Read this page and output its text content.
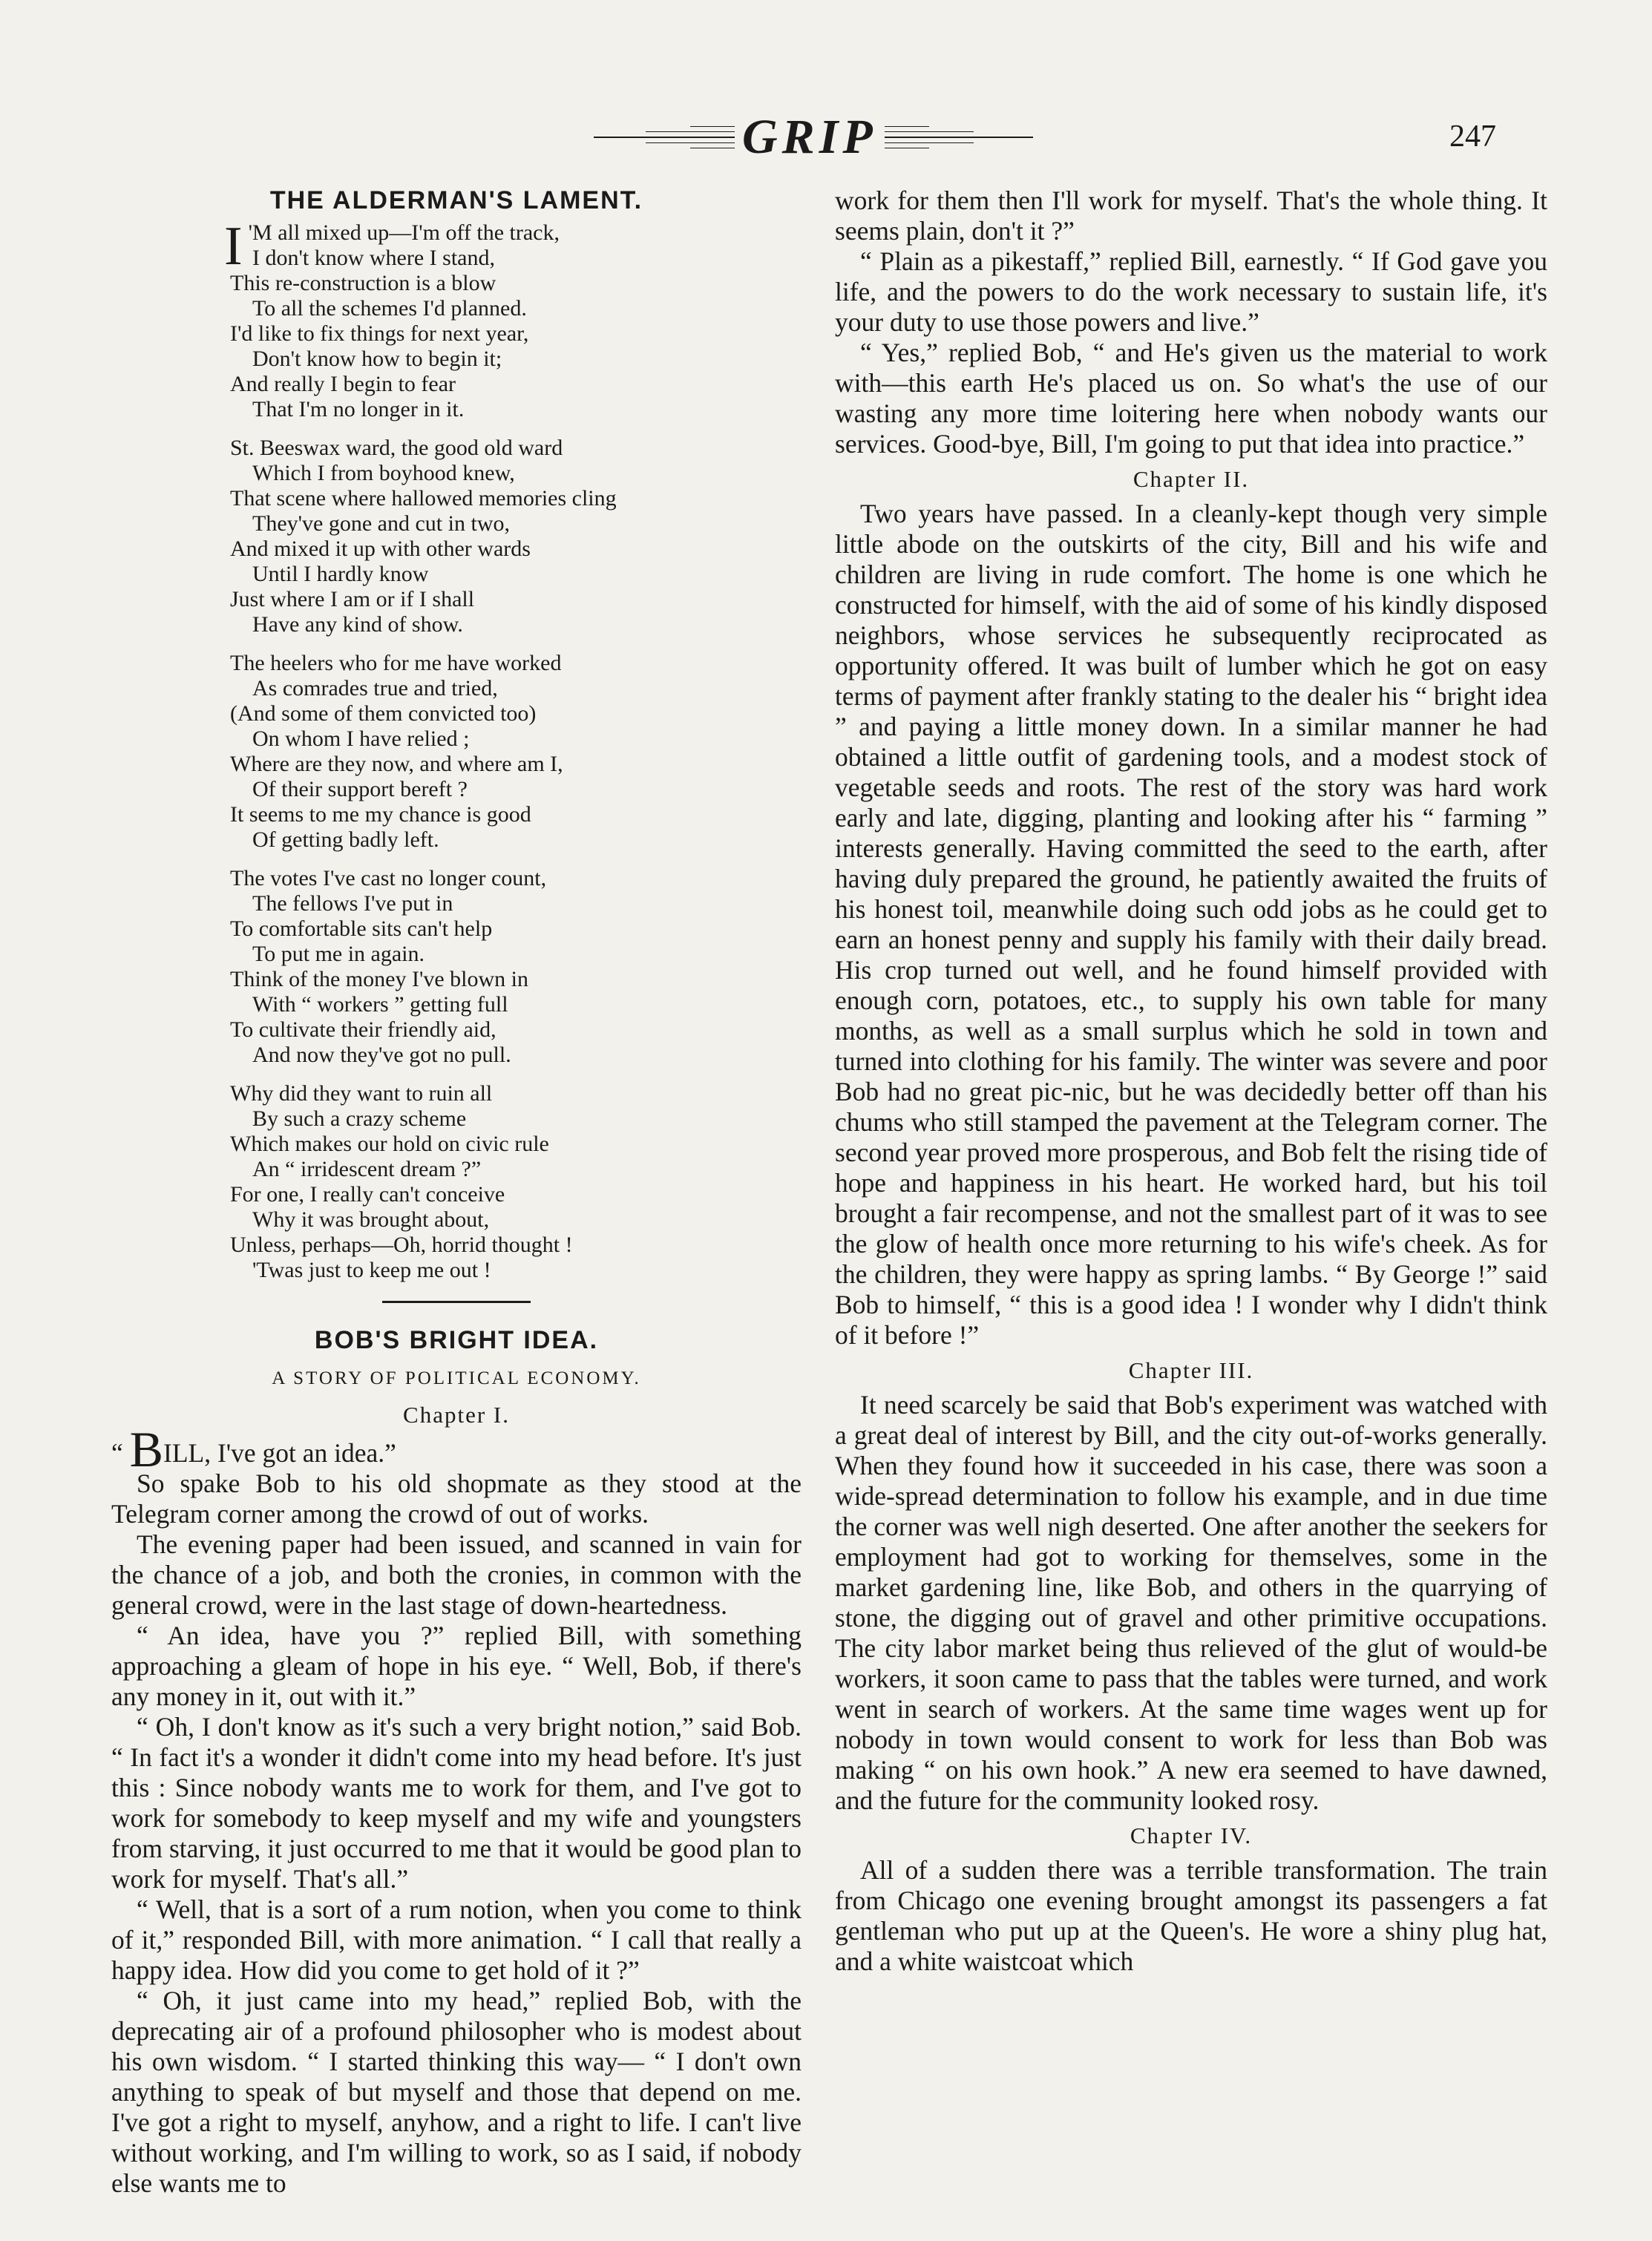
GRIP	247
THE ALDERMAN'S LAMENT.
I 'M all mixed up—I'm off the track,
I don't know where I stand,
This re-construction is a blow
To all the schemes I'd planned.
I'd like to fix things for next year,
Don't know how to begin it;
And really I begin to fear
That I'm no longer in it.
St. Beeswax ward, the good old ward
Which I from boyhood knew,
That scene where hallowed memories cling
They've gone and cut in two,
And mixed it up with other wards
Until I hardly know
Just where I am or if I shall
Have any kind of show.
The heelers who for me have worked
As comrades true and tried,
(And some of them convicted too)
On whom I have relied ;
Where are they now, and where am I,
Of their support bereft ?
It seems to me my chance is good
Of getting badly left.
The votes I've cast no longer count,
The fellows I've put in
To comfortable sits can't help
To put me in again.
Think of the money I've blown in
With “ workers ” getting full
To cultivate their friendly aid,
And now they've got no pull.
Why did they want to ruin all
By such a crazy scheme
Which makes our hold on civic rule
An “ irridescent dream ?”
For one, I really can't conceive
Why it was brought about,
Unless, perhaps—Oh, horrid thought !
'Twas just to keep me out !
BOB'S BRIGHT IDEA.
A STORY OF POLITICAL ECONOMY.
Chapter I.

“ BILL, I've got an idea.”

So spake Bob to his old shopmate as they stood at the Telegram corner among the crowd of out of works.

The evening paper had been issued, and scanned in vain for the chance of a job, and both the cronies, in common with the general crowd, were in the last stage of down-heartedness.

“ An idea, have you ?” replied Bill, with something approaching a gleam of hope in his eye. “ Well, Bob, if there's any money in it, out with it.”

“ Oh, I don't know as it's such a very bright notion,” said Bob. “ In fact it's a wonder it didn't come into my head before. It's just this : Since nobody wants me to work for them, and I've got to work for somebody to keep myself and my wife and youngsters from starving, it just occurred to me that it would be good plan to work for myself. That's all.”

“ Well, that is a sort of a rum notion, when you come to think of it,” responded Bill, with more animation. “ I call that really a happy idea. How did you come to get hold of it ?”

“ Oh, it just came into my head,” replied Bob, with the deprecating air of a profound philosopher who is modest about his own wisdom. “ I started thinking this way— “ I don't own anything to speak of but myself and those that depend on me. I've got a right to myself, anyhow, and a right to life. I can't live without working, and I'm willing to work, so as I said, if nobody else wants me to

work for them then I'll work for myself. That's the whole thing. It seems plain, don't it ?”

“ Plain as a pikestaff,” replied Bill, earnestly. “ If God gave you life, and the powers to do the work necessary to sustain life, it's your duty to use those powers and live.”

“ Yes,” replied Bob, “ and He's given us the material to work with—this earth He's placed us on. So what's the use of our wasting any more time loitering here when nobody wants our services. Good-bye, Bill, I'm going to put that idea into practice.”

Chapter II.

Two years have passed. In a cleanly-kept though very simple little abode on the outskirts of the city, Bill and his wife and children are living in rude comfort. The home is one which he constructed for himself, with the aid of some of his kindly disposed neighbors, whose services he subsequently reciprocated as opportunity offered. It was built of lumber which he got on easy terms of payment after frankly stating to the dealer his “ bright idea ” and paying a little money down. In a similar manner he had obtained a little outfit of gardening tools, and a modest stock of vegetable seeds and roots. The rest of the story was hard work early and late, digging, planting and looking after his “ farming ” interests generally. Having committed the seed to the earth, after having duly prepared the ground, he patiently awaited the fruits of his honest toil, meanwhile doing such odd jobs as he could get to earn an honest penny and supply his family with their daily bread. His crop turned out well, and he found himself provided with enough corn, potatoes, etc., to supply his own table for many months, as well as a small surplus which he sold in town and turned into clothing for his family. The winter was severe and poor Bob had no great pic-nic, but he was decidedly better off than his chums who still stamped the pavement at the Telegram corner. The second year proved more prosperous, and Bob felt the rising tide of hope and happiness in his heart. He worked hard, but his toil brought a fair recompense, and not the smallest part of it was to see the glow of health once more returning to his wife's cheek. As for the children, they were happy as spring lambs. “ By George !” said Bob to himself, “ this is a good idea ! I wonder why I didn't think of it before !”

Chapter III.

It need scarcely be said that Bob's experiment was watched with a great deal of interest by Bill, and the city out-of-works generally. When they found how it succeeded in his case, there was soon a wide-spread determination to follow his example, and in due time the corner was well nigh deserted. One after another the seekers for employment had got to working for themselves, some in the market gardening line, like Bob, and others in the quarrying of stone, the digging out of gravel and other primitive occupations. The city labor market being thus relieved of the glut of would-be workers, it soon came to pass that the tables were turned, and work went in search of workers. At the same time wages went up for nobody in town would consent to work for less than Bob was making “ on his own hook.” A new era seemed to have dawned, and the future for the community looked rosy.

Chapter IV.

All of a sudden there was a terrible transformation. The train from Chicago one evening brought amongst its passengers a fat gentleman who put up at the Queen's. He wore a shiny plug hat, and a white waistcoat which
